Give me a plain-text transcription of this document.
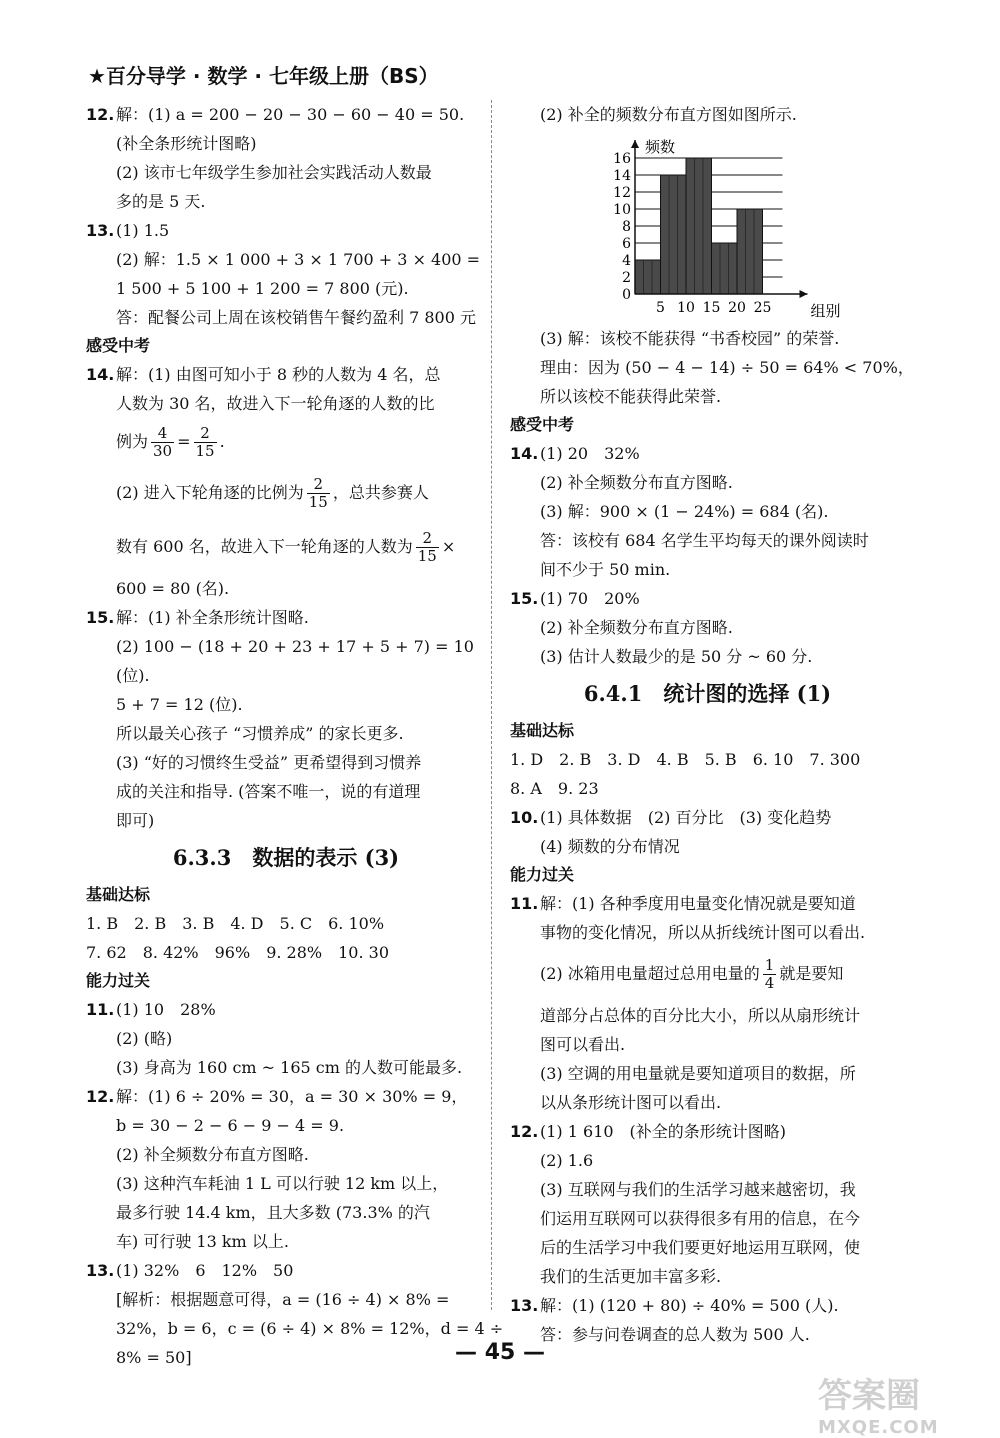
★百分导学 · 数学 · 七年级上册（BS）
12. 解：(1) a = 200 − 20 − 30 − 60 − 40 = 50.
(补全条形统计图略)
(2) 该市七年级学生参加社会实践活动人数最
多的是 5 天.
13. (1) 1.5
(2) 解：1.5 × 1 000 + 3 × 1 700 + 3 × 400 =
1 500 + 5 100 + 1 200 = 7 800 (元).
答：配餐公司上周在该校销售午餐约盈利 7 800 元
感受中考
14. 解：(1) 由图可知小于 8 秒的人数为 4 名，总
人数为 30 名，故进入下一轮角逐的人数的比
例为 $\frac{4}{30} = \frac{2}{15}$ .
(2) 进入下轮角逐的比例为 $\frac{2}{15}$ ，总共参赛人
数有 600 名，故进入下一轮角逐的人数为 $\frac{2}{15}$ ×
600 = 80 (名).
15. 解：(1) 补全条形统计图略.
(2) 100 − (18 + 20 + 23 + 17 + 5 + 7) = 10
(位).
5 + 7 = 12 (位).
所以最关心孩子 “习惯养成” 的家长更多.
(3) “好的习惯终生受益” 更希望得到习惯养
成的关注和指导. (答案不唯一，说的有道理
即可)
6.3.3　数据的表示 (3)
基础达标
1. B　2. B　3. B　4. D　5. C　6. 10%
7. 62　8. 42%　96%　9. 28%　10. 30
能力过关
11. (1) 10　28%
(2) (略)
(3) 身高为 160 cm ~ 165 cm 的人数可能最多.
12. 解：(1) 6 ÷ 20% = 30，a = 30 × 30% = 9，
b = 30 − 2 − 6 − 9 − 4 = 9.
(2) 补全频数分布直方图略.
(3) 这种汽车耗油 1 L 可以行驶 12 km 以上，
最多行驶 14.4 km，且大多数 (73.3% 的汽
车) 可行驶 13 km 以上.
13. (1) 32%　6　12%　50
[解析：根据题意可得，a = (16 ÷ 4) × 8% =
32%，b = 6，c = (6 ÷ 4) × 8% = 12%，d = 4 ÷
8% = 50]
(2) 补全的频数分布直方图如图所示.
0
2
4
6
8
10
12
14
16
5 10 15 20 25
频数
组别
(3) 解：该校不能获得 “书香校园” 的荣誉.
理由：因为 (50 − 4 − 14) ÷ 50 = 64% < 70%，
所以该校不能获得此荣誉.
感受中考
14. (1) 20　32%
(2) 补全频数分布直方图略.
(3) 解：900 × (1 − 24%) = 684 (名).
答：该校有 684 名学生平均每天的课外阅读时
间不少于 50 min.
15. (1) 70　20%
(2) 补全频数分布直方图略.
(3) 估计人数最少的是 50 分 ~ 60 分.
6.4.1　统计图的选择 (1)
基础达标
1. D　2. B　3. D　4. B　5. B　6. 10　7. 300
8. A　9. 23
10. (1) 具体数据　(2) 百分比　(3) 变化趋势
(4) 频数的分布情况
能力过关
11. 解：(1) 各种季度用电量变化情况就是要知道
事物的变化情况，所以从折线统计图可以看出.
(2) 冰箱用电量超过总用电量的 $\frac{1}{4}$ 就是要知
道部分占总体的百分比大小，所以从扇形统计
图可以看出.
(3) 空调的用电量就是要知道项目的数据，所
以从条形统计图可以看出.
12. (1) 1 610　(补全的条形统计图略)
(2) 1.6
(3) 互联网与我们的生活学习越来越密切，我
们运用互联网可以获得很多有用的信息，在今
后的生活学习中我们要更好地运用互联网，使
我们的生活更加丰富多彩.
13. 解：(1) (120 + 80) ÷ 40% = 500 (人).
答：参与问卷调查的总人数为 500 人.
— 45 —
答案圈
MXQE.COM
